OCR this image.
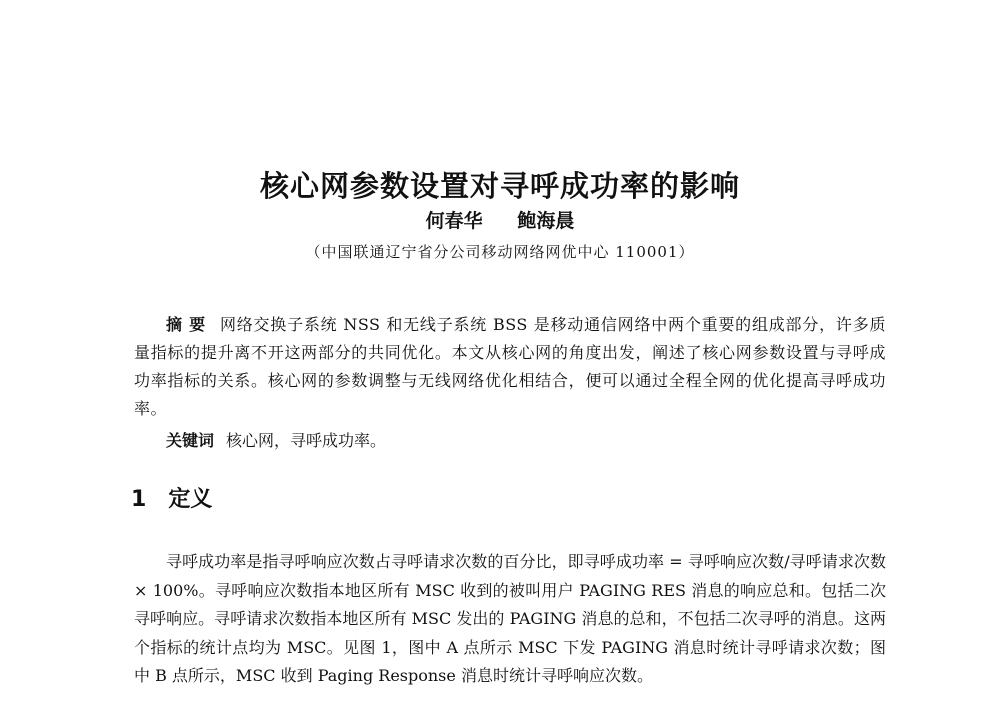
核心网参数设置对寻呼成功率的影响
何春华 鲍海晨
（中国联通辽宁省分公司移动网络网优中心 110001）

摘 要 网络交换子系统 NSS 和无线子系统 BSS 是移动通信网络中两个重要的组成部分，许多质量指标的提升离不开这两部分的共同优化。本文从核心网的角度出发，阐述了核心网参数设置与寻呼成功率指标的关系。核心网的参数调整与无线网络优化相结合，便可以通过全程全网的优化提高寻呼成功率。

关键词 核心网，寻呼成功率。

1 定义

寻呼成功率是指寻呼响应次数占寻呼请求次数的百分比，即寻呼成功率 = 寻呼响应次数/寻呼请求次数 × 100%。寻呼响应次数指本地区所有 MSC 收到的被叫用户 PAGING RES 消息的响应总和。包括二次寻呼响应。寻呼请求次数指本地区所有 MSC 发出的 PAGING 消息的总和，不包括二次寻呼的消息。这两个指标的统计点均为 MSC。见图 1，图中 A 点所示 MSC 下发 PAGING 消息时统计寻呼请求次数；图中 B 点所示，MSC 收到 Paging Response 消息时统计寻呼响应次数。
